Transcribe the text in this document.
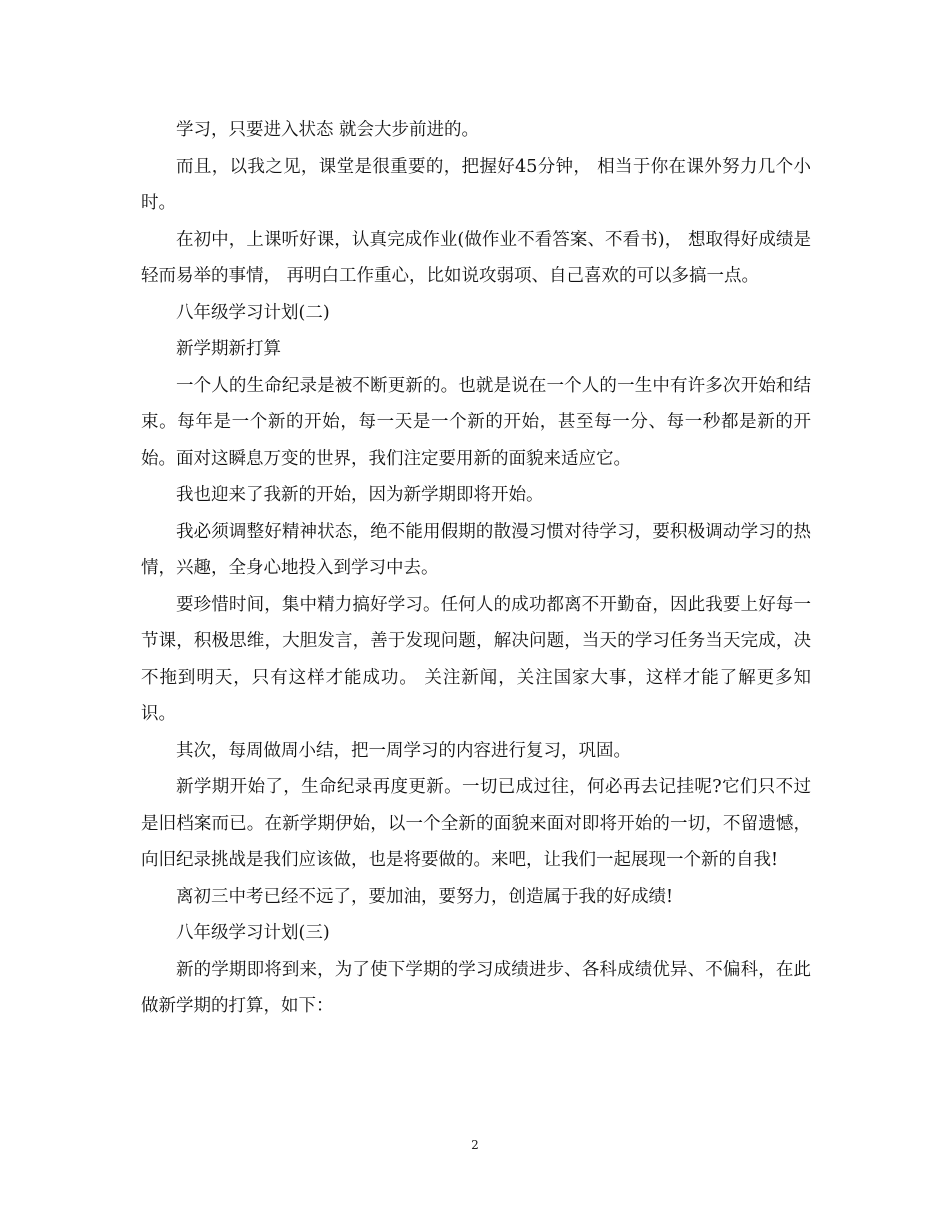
学习，只要进入状态 就会大步前进的。

而且，以我之见，课堂是很重要的，把握好45分钟， 相当于你在课外努力几个小时。

在初中，上课听好课，认真完成作业(做作业不看答案、不看书)， 想取得好成绩是轻而易举的事情， 再明白工作重心，比如说攻弱项、自己喜欢的可以多搞一点。

八年级学习计划(二)

新学期新打算

一个人的生命纪录是被不断更新的。也就是说在一个人的一生中有许多次开始和结束。每年是一个新的开始，每一天是一个新的开始，甚至每一分、每一秒都是新的开始。面对这瞬息万变的世界，我们注定要用新的面貌来适应它。

我也迎来了我新的开始，因为新学期即将开始。

我必须调整好精神状态，绝不能用假期的散漫习惯对待学习，要积极调动学习的热情，兴趣，全身心地投入到学习中去。

要珍惜时间，集中精力搞好学习。任何人的成功都离不开勤奋，因此我要上好每一节课，积极思维，大胆发言，善于发现问题，解决问题，当天的学习任务当天完成，决不拖到明天，只有这样才能成功。 关注新闻，关注国家大事，这样才能了解更多知识。

其次，每周做周小结，把一周学习的内容进行复习，巩固。

新学期开始了，生命纪录再度更新。一切已成过往，何必再去记挂呢?它们只不过是旧档案而已。在新学期伊始，以一个全新的面貌来面对即将开始的一切，不留遗憾，向旧纪录挑战是我们应该做，也是将要做的。来吧，让我们一起展现一个新的自我!

离初三中考已经不远了，要加油，要努力，创造属于我的好成绩!

八年级学习计划(三)

新的学期即将到来，为了使下学期的学习成绩进步、各科成绩优异、不偏科，在此做新学期的打算，如下：

2
